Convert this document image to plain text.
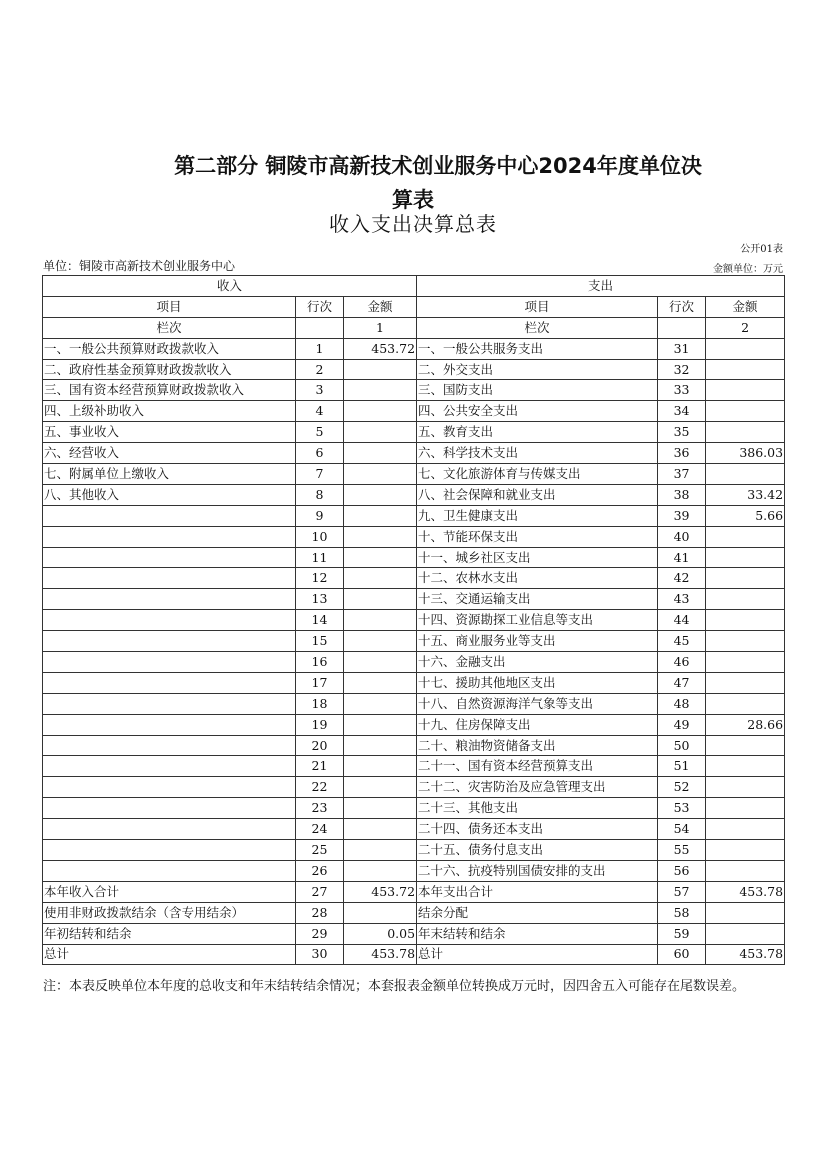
第二部分 铜陵市高新技术创业服务中心2024年度单位决
算表
收入支出决算总表
公开01表
单位：铜陵市高新技术创业服务中心	金额单位：万元
收入			支出		
项目	行次	金额	项目	行次	金额
栏次		1	栏次		2
一、一般公共预算财政拨款收入	1	453.72	一、一般公共服务支出	31	
二、政府性基金预算财政拨款收入	2		二、外交支出	32	
三、国有资本经营预算财政拨款收入	3		三、国防支出	33	
四、上级补助收入	4		四、公共安全支出	34	
五、事业收入	5		五、教育支出	35	
六、经营收入	6		六、科学技术支出	36	386.03
七、附属单位上缴收入	7		七、文化旅游体育与传媒支出	37	
八、其他收入	8		八、社会保障和就业支出	38	33.42
	9		九、卫生健康支出	39	5.66
	10		十、节能环保支出	40	
	11		十一、城乡社区支出	41	
	12		十二、农林水支出	42	
	13		十三、交通运输支出	43	
	14		十四、资源勘探工业信息等支出	44	
	15		十五、商业服务业等支出	45	
	16		十六、金融支出	46	
	17		十七、援助其他地区支出	47	
	18		十八、自然资源海洋气象等支出	48	
	19		十九、住房保障支出	49	28.66
	20		二十、粮油物资储备支出	50	
	21		二十一、国有资本经营预算支出	51	
	22		二十二、灾害防治及应急管理支出	52	
	23		二十三、其他支出	53	
	24		二十四、债务还本支出	54	
	25		二十五、债务付息支出	55	
	26		二十六、抗疫特别国债安排的支出	56	
本年收入合计	27	453.72	本年支出合计	57	453.78
使用非财政拨款结余（含专用结余）	28		结余分配	58	
年初结转和结余	29	0.05	年末结转和结余	59	
总计	30	453.78	总计	60	453.78
注：本表反映单位本年度的总收支和年末结转结余情况；本套报表金额单位转换成万元时，因四舍五入可能存在尾数误差。
